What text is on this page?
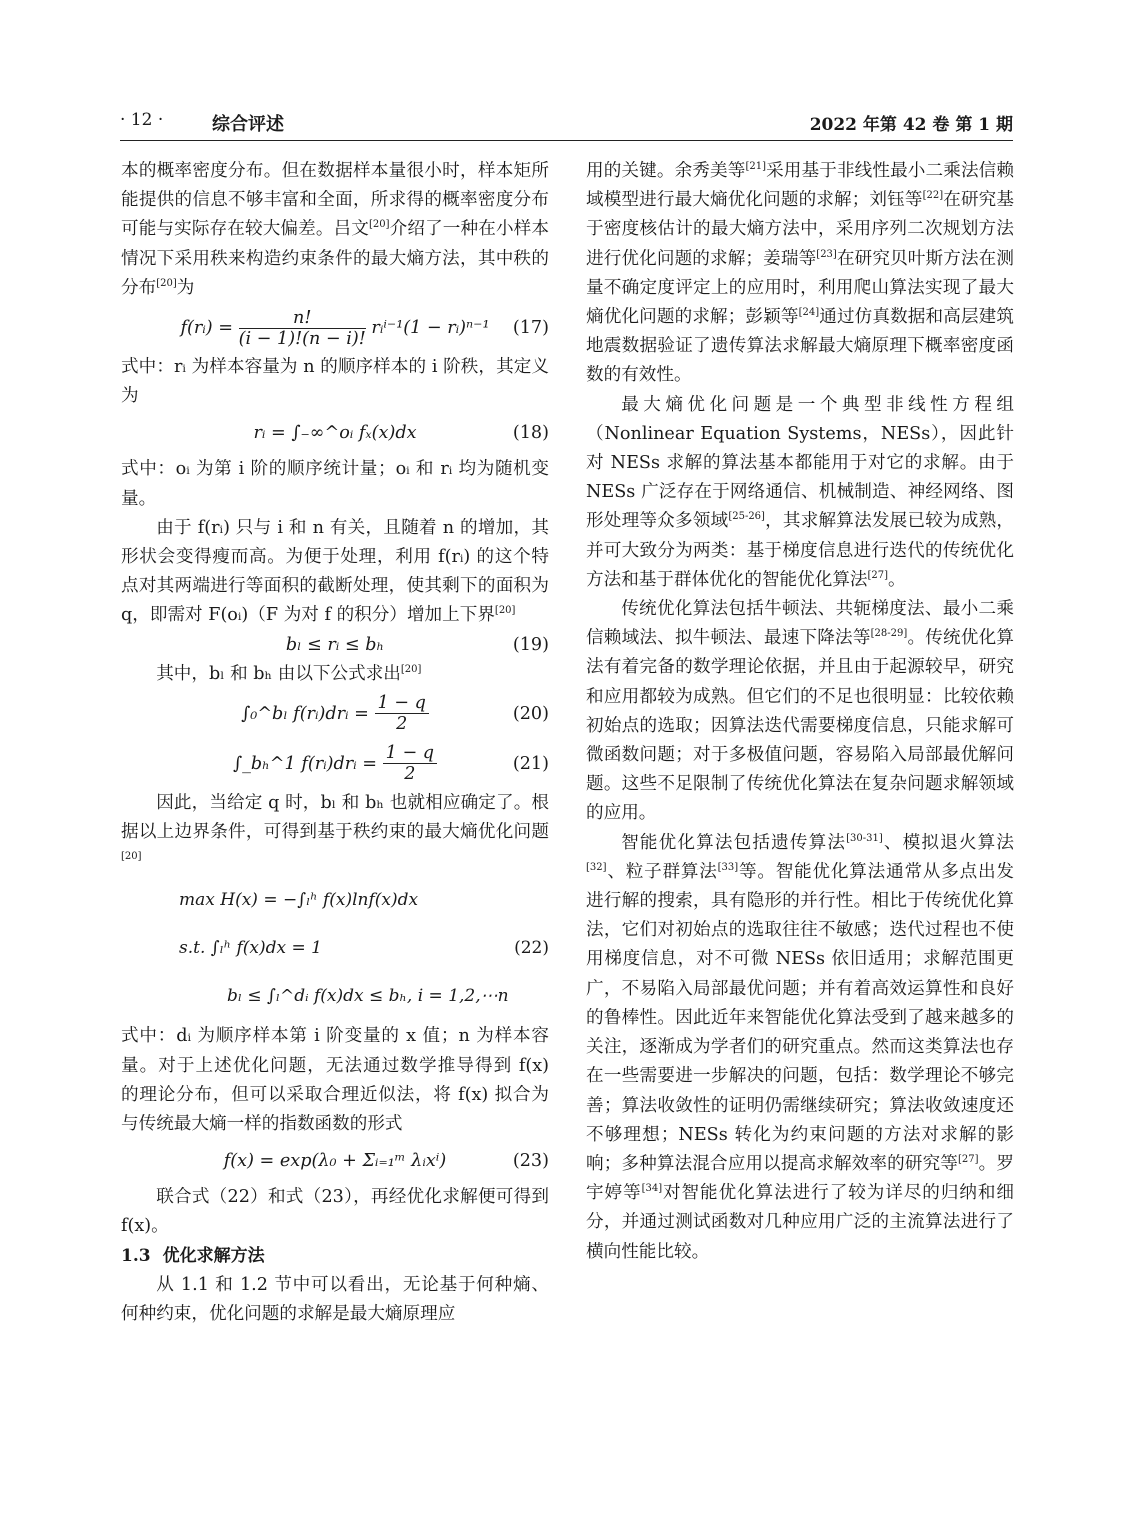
· 12 ·	综合评述	2022 年第 42 卷 第 1 期

本的概率密度分布。但在数据样本量很小时，样本矩所能提供的信息不够丰富和全面，所求得的概率密度分布可能与实际存在较大偏差。吕文[20]介绍了一种在小样本情况下采用秩来构造约束条件的最大熵方法，其中秩的分布[20]为

f(rᵢ) = $\frac{n!}{(i - 1)!(n - i)!}$ rᵢⁱ⁻¹(1 − rᵢ)ⁿ⁻¹ (17)

式中：rᵢ 为样本容量为 n 的顺序样本的 i 阶秩，其定义为

rᵢ = ∫₋∞^oᵢ fₓ(x)dx	(18)

式中：oᵢ 为第 i 阶的顺序统计量；oᵢ 和 rᵢ 均为随机变量。

由于 f(rᵢ) 只与 i 和 n 有关，且随着 n 的增加，其形状会变得瘦而高。为便于处理，利用 f(rᵢ) 的这个特点对其两端进行等面积的截断处理，使其剩下的面积为 q，即需对 F(oᵢ)（F 为对 f 的积分）增加上下界[20]

bₗ ≤ rᵢ ≤ bₕ	(19)

其中，bₗ 和 bₕ 由以下公式求出[20]

∫₀^bₗ f(rᵢ)drᵢ = $\frac{1 - q}{2}$	(20)
∫_bₕ^1 f(rᵢ)drᵢ = $\frac{1 - q}{2}$	(21)

因此，当给定 q 时，bₗ 和 bₕ 也就相应确定了。根据以上边界条件，可得到基于秩约束的最大熵优化问题[20]

max H(x) = −∫ₗʰ f(x)lnf(x)dx
s.t. ∫ₗʰ f(x)dx = 1
bₗ ≤ ∫ₗ^dᵢ f(x)dx ≤ bₕ, i = 1,2,⋯n
(22)

式中：dᵢ 为顺序样本第 i 阶变量的 x 值；n 为样本容量。对于上述优化问题，无法通过数学推导得到 f(x) 的理论分布，但可以采取合理近似法，将 f(x) 拟合为与传统最大熵一样的指数函数的形式

f(x) = exp(λ₀ + Σᵢ₌₁ᵐ λᵢxⁱ)	(23)

联合式（22）和式（23），再经优化求解便可得到 f(x)。

1.3 优化求解方法

从 1.1 和 1.2 节中可以看出，无论基于何种熵、何种约束，优化问题的求解是最大熵原理应

用的关键。余秀美等[21]采用基于非线性最小二乘法信赖域模型进行最大熵优化问题的求解；刘钰等[22]在研究基于密度核估计的最大熵方法中，采用序列二次规划方法进行优化问题的求解；姜瑞等[23]在研究贝叶斯方法在测量不确定度评定上的应用时，利用爬山算法实现了最大熵优化问题的求解；彭颖等[24]通过仿真数据和高层建筑地震数据验证了遗传算法求解最大熵原理下概率密度函数的有效性。

最大熵优化问题是一个典型非线性方程组（Nonlinear Equation Systems，NESs），因此针对 NESs 求解的算法基本都能用于对它的求解。由于 NESs 广泛存在于网络通信、机械制造、神经网络、图形处理等众多领域[25-26]，其求解算法发展已较为成熟，并可大致分为两类：基于梯度信息进行迭代的传统优化方法和基于群体优化的智能优化算法[27]。

传统优化算法包括牛顿法、共轭梯度法、最小二乘信赖域法、拟牛顿法、最速下降法等[28-29]。传统优化算法有着完备的数学理论依据，并且由于起源较早，研究和应用都较为成熟。但它们的不足也很明显：比较依赖初始点的选取；因算法迭代需要梯度信息，只能求解可微函数问题；对于多极值问题，容易陷入局部最优解问题。这些不足限制了传统优化算法在复杂问题求解领域的应用。

智能优化算法包括遗传算法[30-31]、模拟退火算法[32]、粒子群算法[33]等。智能优化算法通常从多点出发进行解的搜索，具有隐形的并行性。相比于传统优化算法，它们对初始点的选取往往不敏感；迭代过程也不使用梯度信息，对不可微 NESs 依旧适用；求解范围更广，不易陷入局部最优问题；并有着高效运算性和良好的鲁棒性。因此近年来智能优化算法受到了越来越多的关注，逐渐成为学者们的研究重点。然而这类算法也存在一些需要进一步解决的问题，包括：数学理论不够完善；算法收敛性的证明仍需继续研究；算法收敛速度还不够理想；NESs 转化为约束问题的方法对求解的影响；多种算法混合应用以提高求解效率的研究等[27]。罗宇婷等[34]对智能优化算法进行了较为详尽的归纳和细分，并通过测试函数对几种应用广泛的主流算法进行了横向性能比较。
